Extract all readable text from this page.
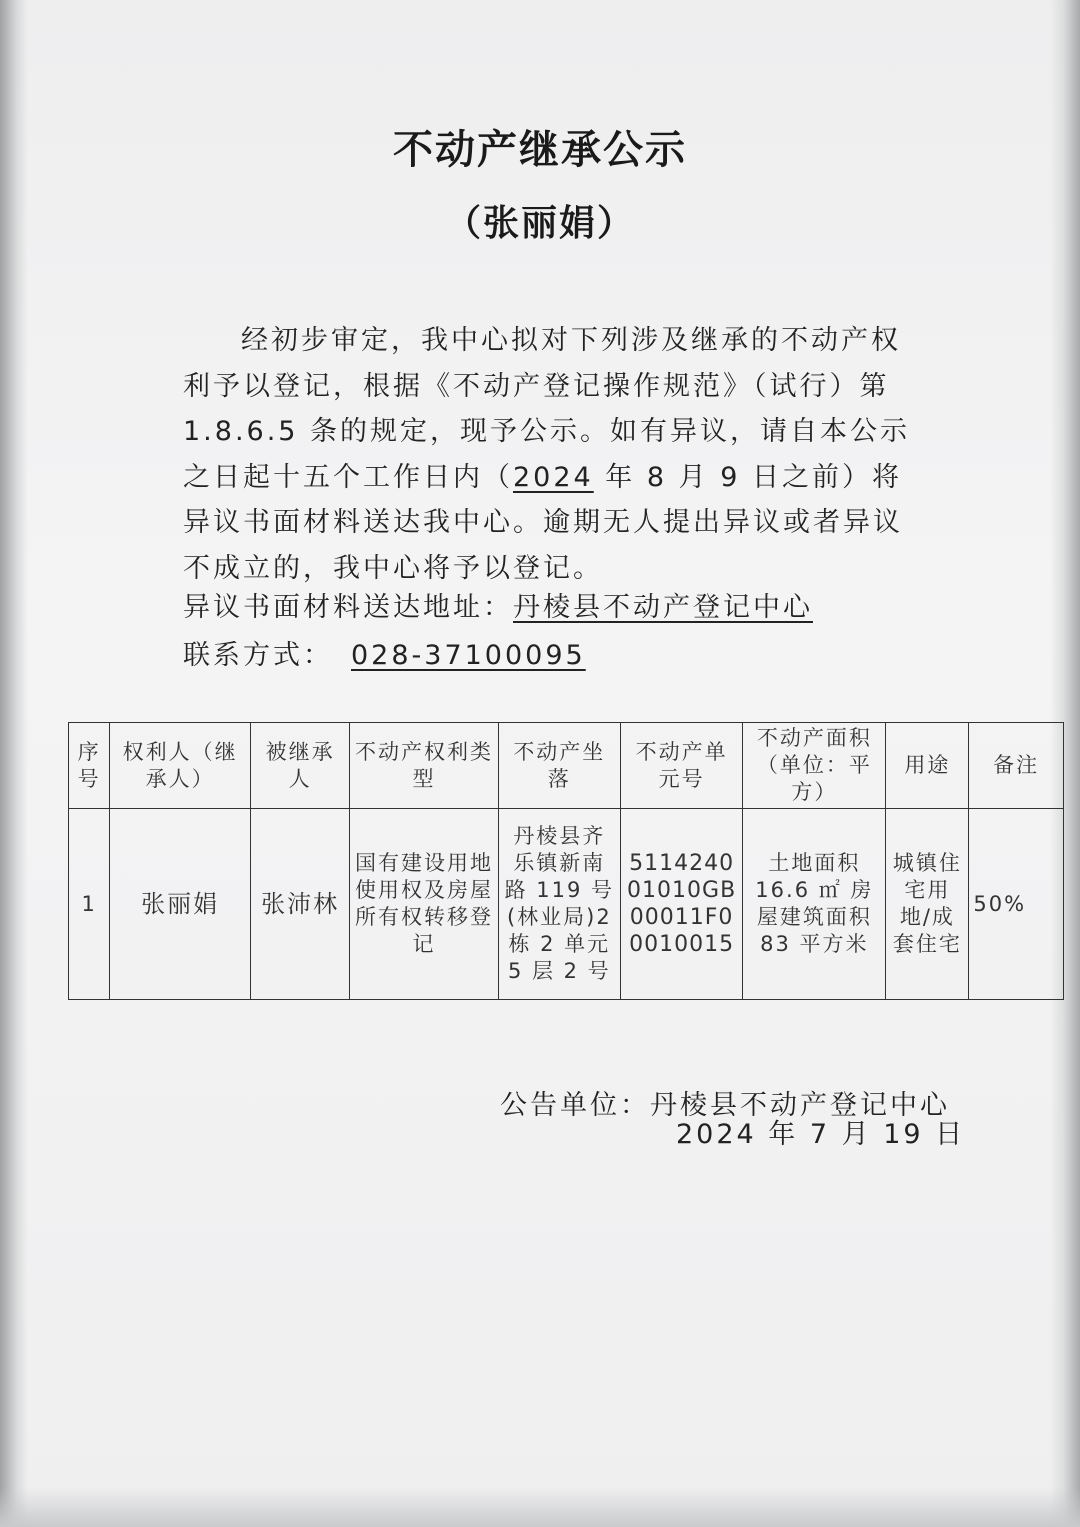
不动产继承公示
（张丽娟）

经初步审定，我中心拟对下列涉及继承的不动产权利予以登记，根据《不动产登记操作规范》（试行）第 1.8.6.5 条的规定，现予公示。如有异议，请自本公示之日起十五个工作日内（2024 年 8 月 9 日之前）将异议书面材料送达我中心。逾期无人提出异议或者异议不成立的，我中心将予以登记。

异议书面材料送达地址：丹棱县不动产登记中心
联系方式： 028-37100095
序号	权利人（继承人）	被继承人	不动产权利类型	不动产坐落	不动产单元号	不动产面积（单位：平方）	用途	备注
1	张丽娟	张沛林	国有建设用地使用权及房屋所有权转移登记	丹棱县齐乐镇新南路 119 号(林业局)2 栋 2 单元 5 层 2 号	511424001010GB00011F00010015	土地面积 16.6 ㎡ 房屋建筑面积 83 平方米	城镇住宅用地/成套住宅	50%
公告单位：丹棱县不动产登记中心
2024 年 7 月 19 日
